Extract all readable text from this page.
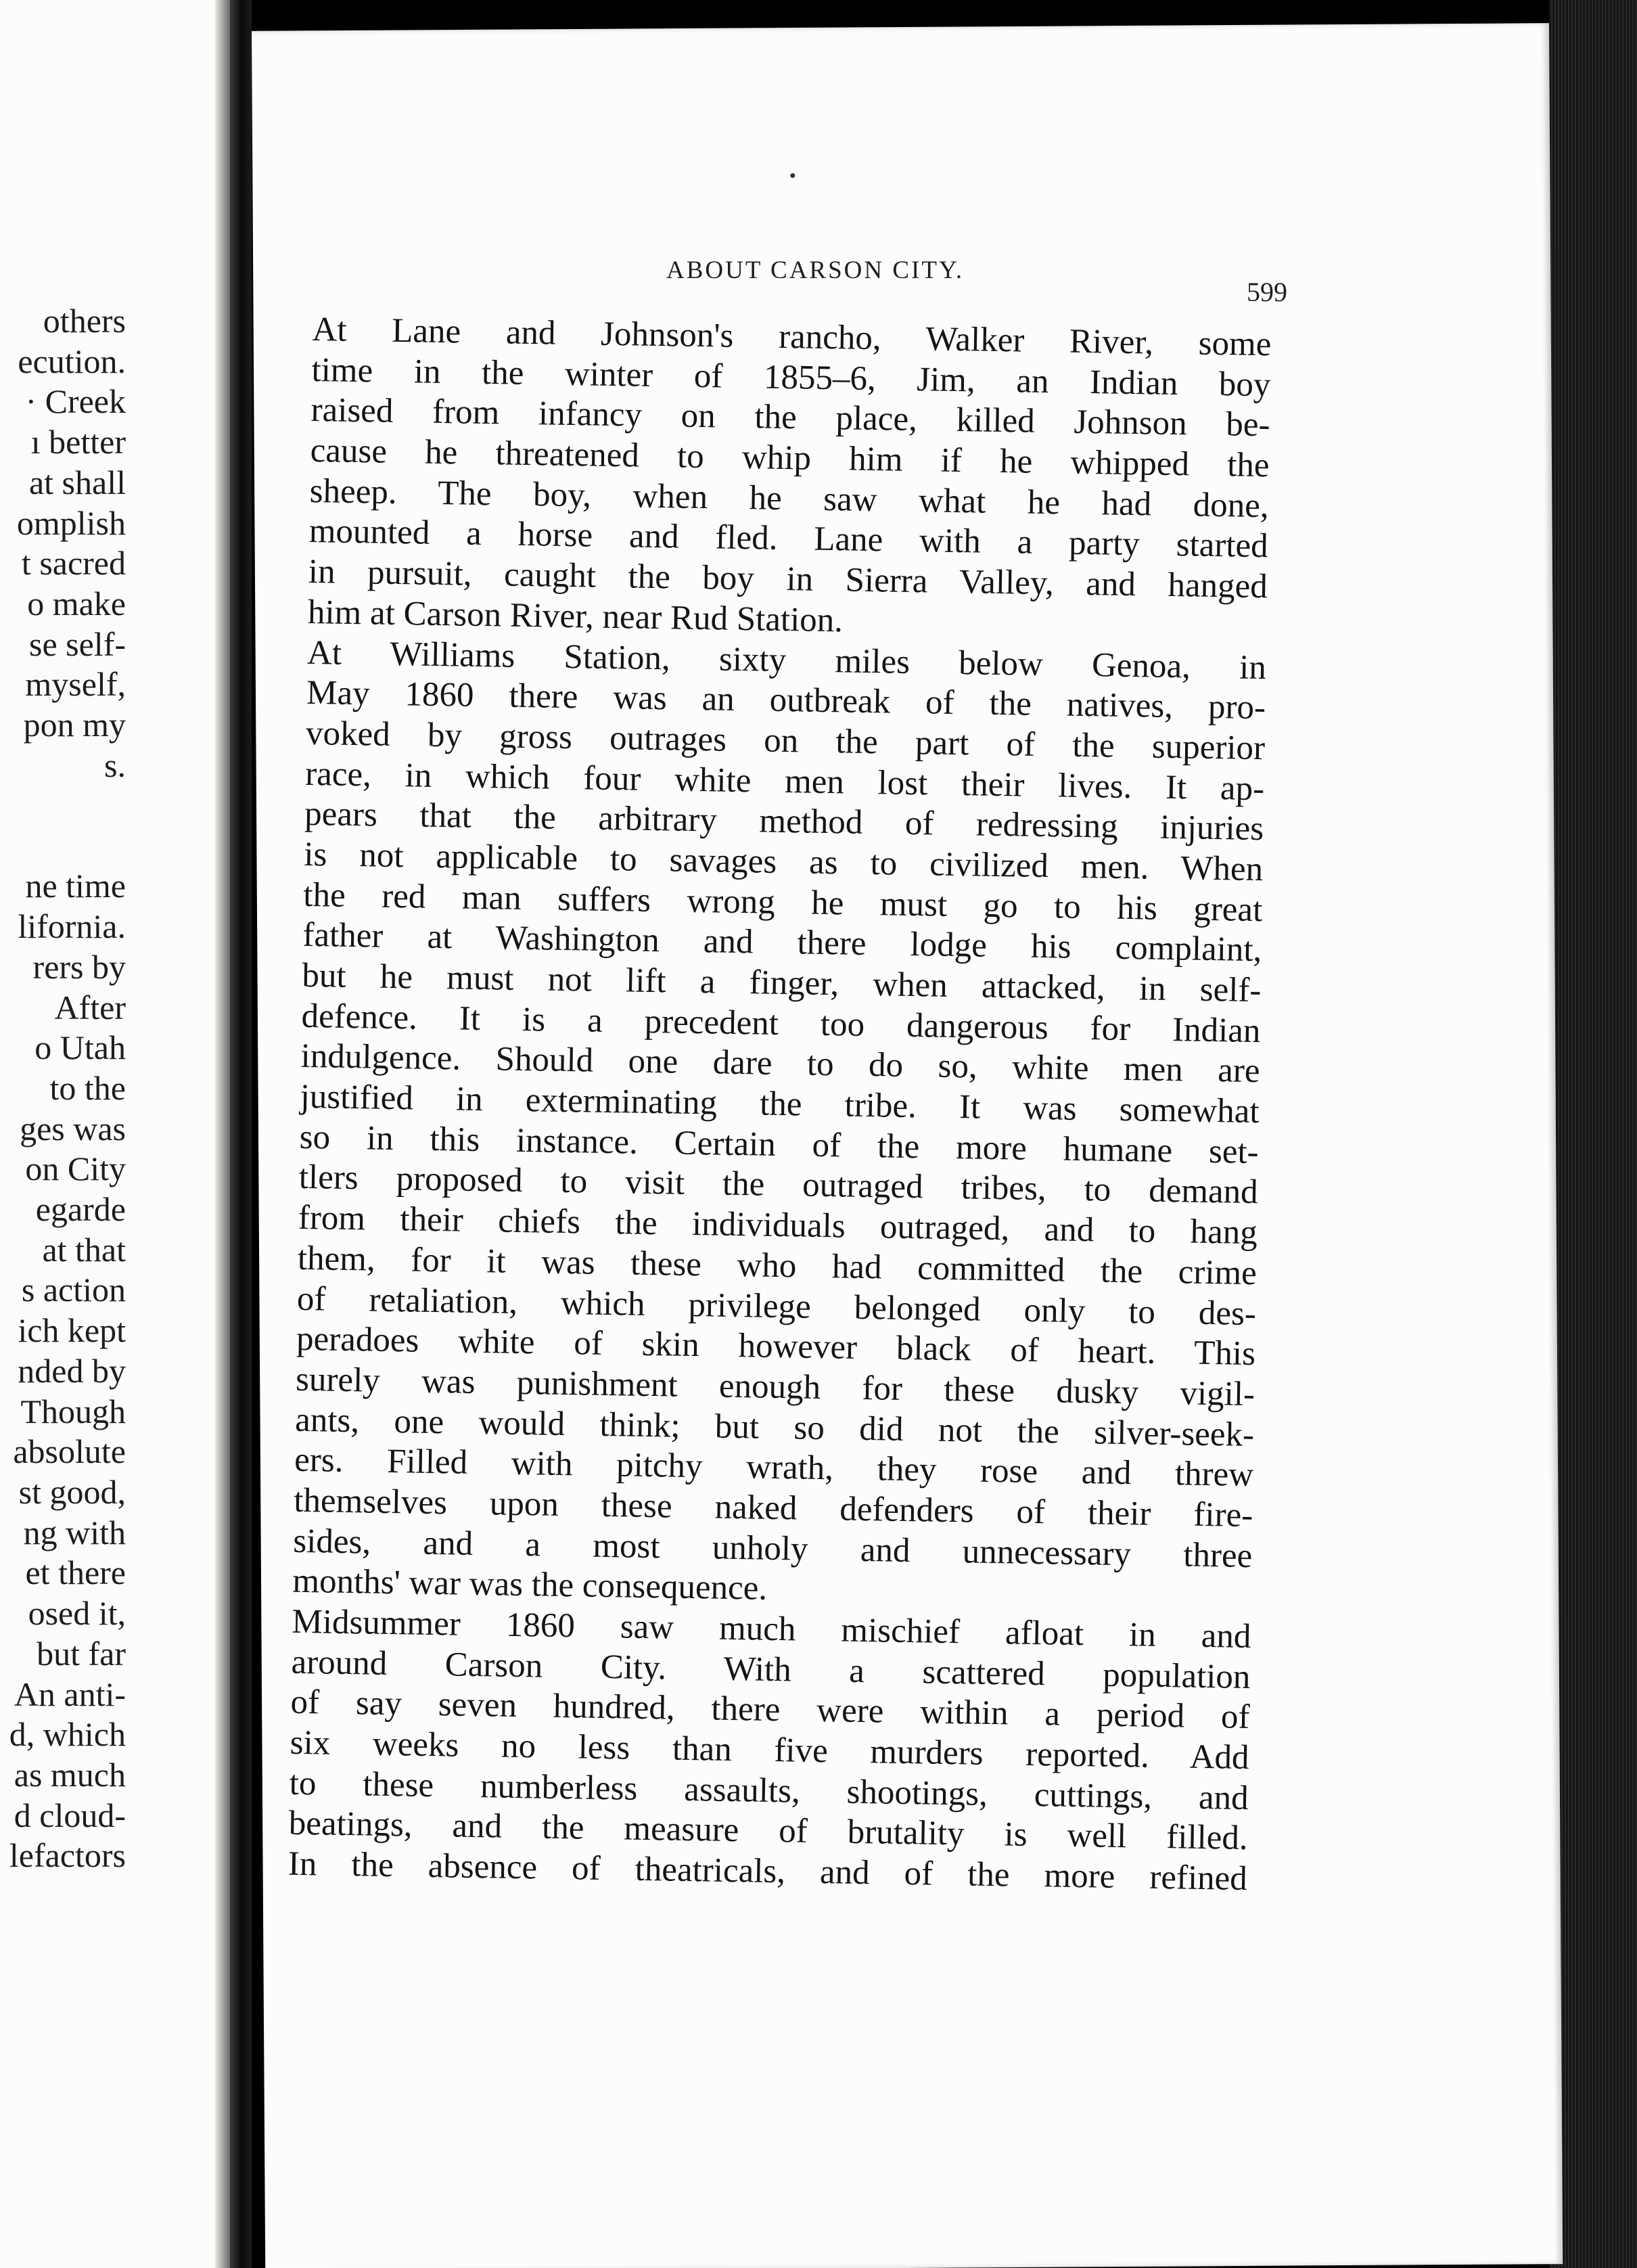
others
ecution.
· Creek
ı better
at shall
omplish
t sacred
o make
se self-
myself,
pon my
s.
ne time
lifornia.
rers by
After
o Utah
to the
ges was
on City
egarde
at that
s action
ich kept
nded by
Though
absolute
st good,
ng with
et there
osed it,
but far
An anti-
d, which
as much
d cloud-
lefactors
ABOUT CARSON CITY.
599
At Lane and Johnson's rancho, Walker River, some
time in the winter of 1855–6, Jim, an Indian boy
raised from infancy on the place, killed Johnson be-
cause he threatened to whip him if he whipped the
sheep. The boy, when he saw what he had done,
mounted a horse and fled. Lane with a party started
in pursuit, caught the boy in Sierra Valley, and hanged
him at Carson River, near Rud Station.
At Williams Station, sixty miles below Genoa, in
May 1860 there was an outbreak of the natives, pro-
voked by gross outrages on the part of the superior
race, in which four white men lost their lives. It ap-
pears that the arbitrary method of redressing injuries
is not applicable to savages as to civilized men. When
the red man suffers wrong he must go to his great
father at Washington and there lodge his complaint,
but he must not lift a finger, when attacked, in self-
defence. It is a precedent too dangerous for Indian
indulgence. Should one dare to do so, white men are
justified in exterminating the tribe. It was somewhat
so in this instance. Certain of the more humane set-
tlers proposed to visit the outraged tribes, to demand
from their chiefs the individuals outraged, and to hang
them, for it was these who had committed the crime
of retaliation, which privilege belonged only to des-
peradoes white of skin however black of heart. This
surely was punishment enough for these dusky vigil-
ants, one would think; but so did not the silver-seek-
ers. Filled with pitchy wrath, they rose and threw
themselves upon these naked defenders of their fire-
sides, and a most unholy and unnecessary three
months' war was the consequence.
Midsummer 1860 saw much mischief afloat in and
around Carson City. With a scattered population
of say seven hundred, there were within a period of
six weeks no less than five murders reported. Add
to these numberless assaults, shootings, cuttings, and
beatings, and the measure of brutality is well filled.
In the absence of theatricals, and of the more refined
